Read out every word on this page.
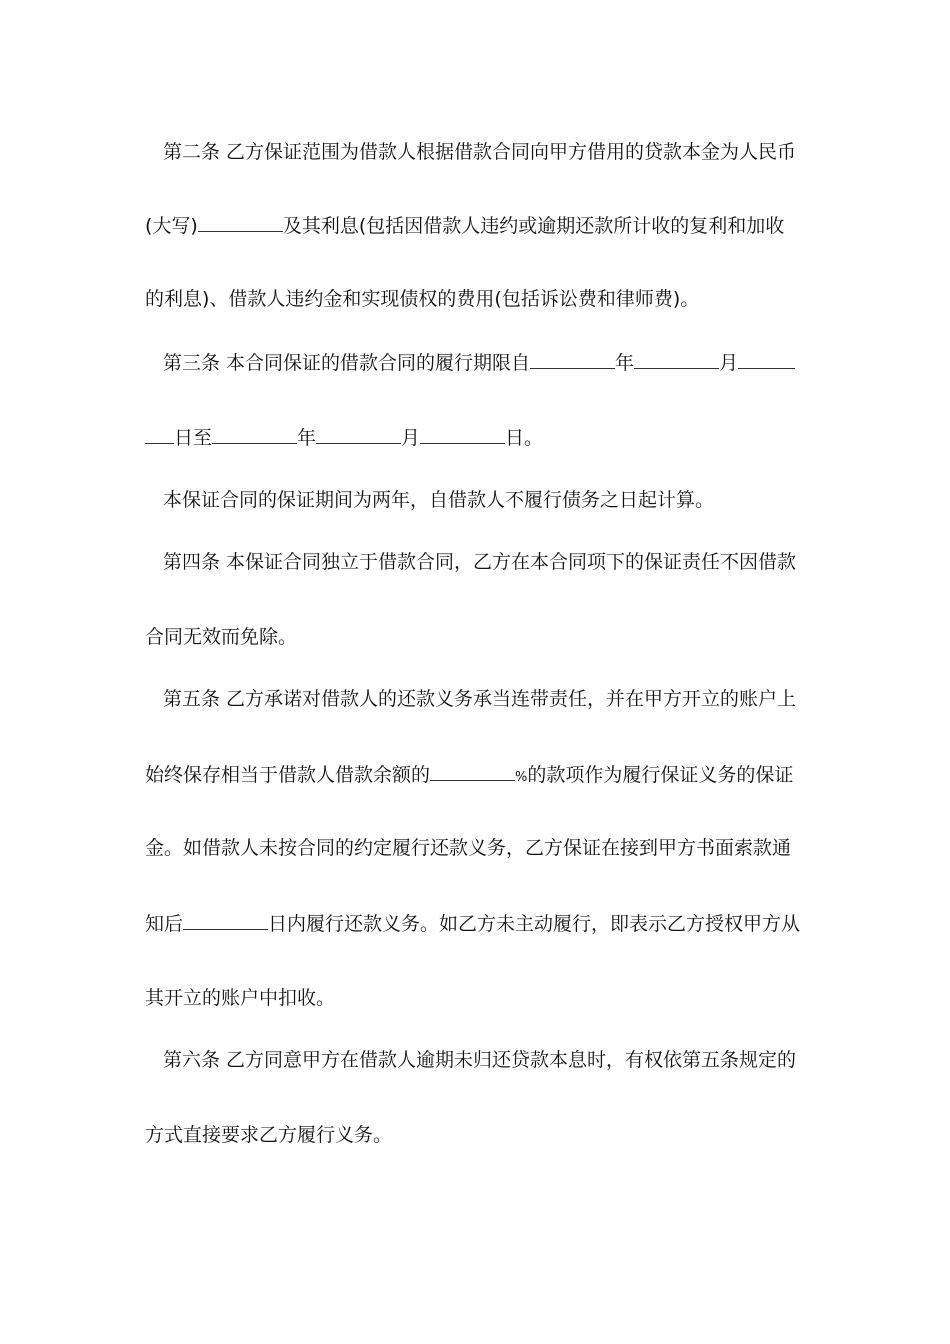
第二条 乙方保证范围为借款人根据借款合同向甲方借用的贷款本金为人民币
(大写)	及其利息(包括因借款人违约或逾期还款所计收的复利和加收
的利息)、借款人违约金和实现债权的费用(包括诉讼费和律师费)。
第三条 本合同保证的借款合同的履行期限自	年	月
日至	年	月	日。
本保证合同的保证期间为两年，自借款人不履行债务之日起计算。
第四条 本保证合同独立于借款合同，乙方在本合同项下的保证责任不因借款
合同无效而免除。
第五条 乙方承诺对借款人的还款义务承当连带责任，并在甲方开立的账户上
始终保存相当于借款人借款余额的	%的款项作为履行保证义务的保证
金。如借款人未按合同的约定履行还款义务，乙方保证在接到甲方书面索款通
知后	日内履行还款义务。如乙方未主动履行，即表示乙方授权甲方从
其开立的账户中扣收。
第六条 乙方同意甲方在借款人逾期未归还贷款本息时，有权依第五条规定的
方式直接要求乙方履行义务。
